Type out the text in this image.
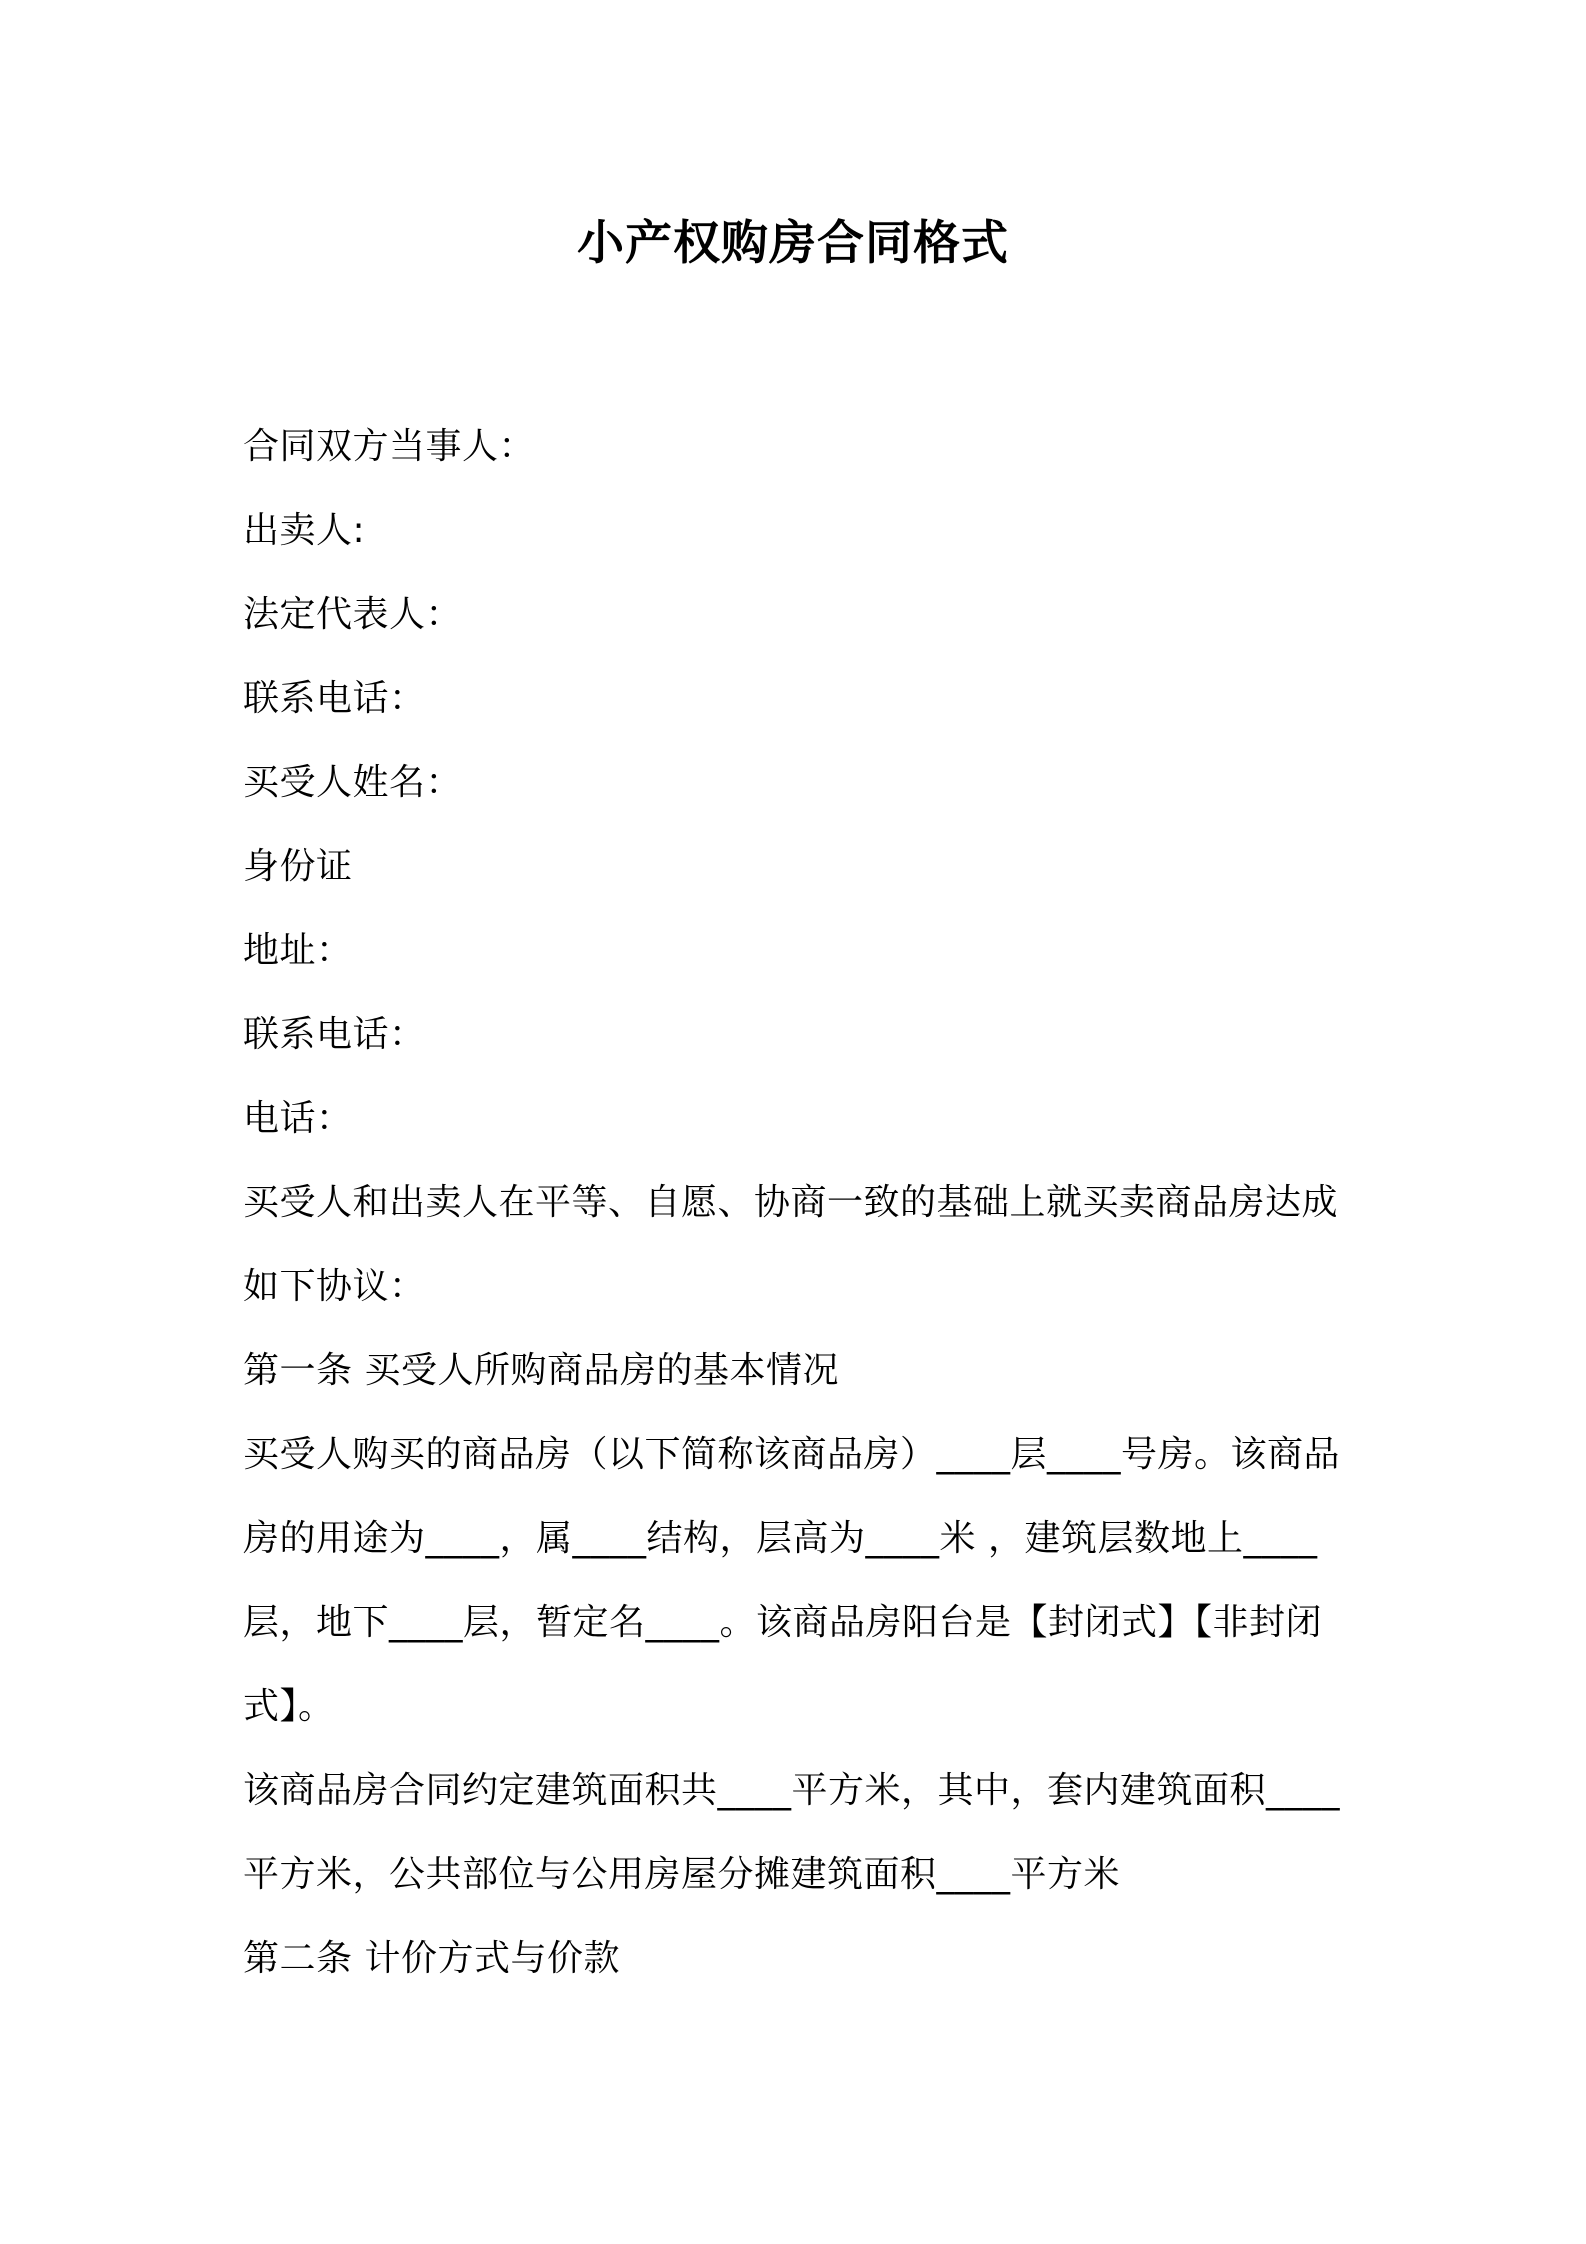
小产权购房合同格式
合同双方当事人：
出卖人:
法定代表人：
联系电话：
买受人姓名：
身份证
地址：
联系电话：
电话：
买受人和出卖人在平等、自愿、协商一致的基础上就买卖商品房达成
如下协议：
第一条 买受人所购商品房的基本情况
买受人购买的商品房（以下简称该商品房）____层____号房。该商品
房的用途为____，属____结构，层高为____米 ，建筑层数地上____
层，地下____层，暂定名____。该商品房阳台是【封闭式】【非封闭
式】。
该商品房合同约定建筑面积共____平方米，其中，套内建筑面积____
平方米，公共部位与公用房屋分摊建筑面积____平方米
第二条 计价方式与价款
